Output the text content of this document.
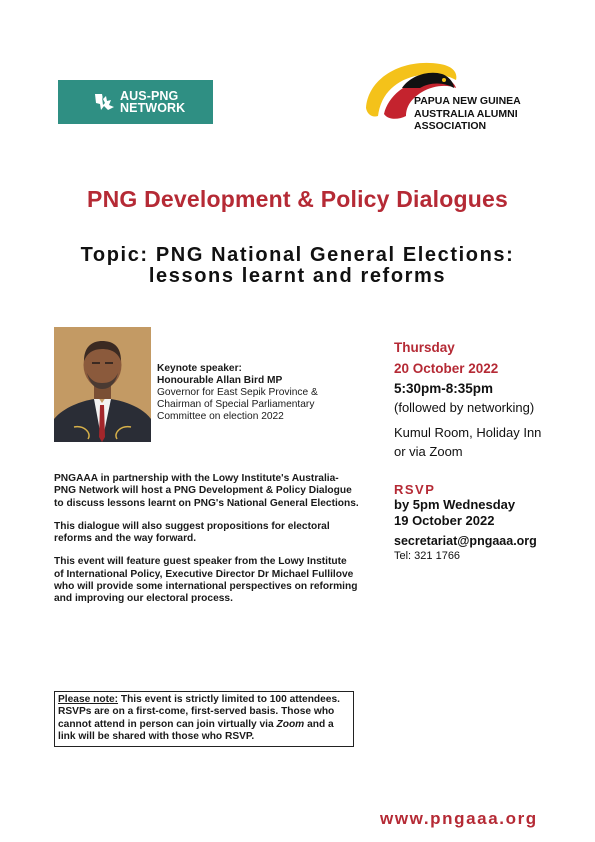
AUS-PNG
NETWORK	PAPUA NEW GUINEA
AUSTRALIA ALUMNI
ASSOCIATION
PNG Development & Policy Dialogues
Topic: PNG National General Elections:
lessons learnt and reforms
Keynote speaker:
Honourable Allan Bird MP
Governor for East Sepik Province &
Chairman of Special Parliamentary
Committee on election 2022

PNGAAA in partnership with the Lowy Institute's Australia-PNG Network will host a PNG Development & Policy Dialogue to discuss lessons learnt on PNG's National General Elections.

This dialogue will also suggest propositions for electoral reforms and the way forward.

This event will feature guest speaker from the Lowy Institute of International Policy, Executive Director Dr Michael Fullilove who will provide some international perspectives on reforming and improving our electoral process.

Please note: This event is strictly limited to 100 attendees. RSVPs are on a first-come, first-served basis. Those who cannot attend in person can join virtually via Zoom and a link will be shared with those who RSVP.
Thursday
20 October 2022
5:30pm-8:35pm
(followed by networking)
Kumul Room, Holiday Inn
or via Zoom
RSVP
by 5pm Wednesday
19 October 2022
secretariat@pngaaa.org
Tel: 321 1766
www.pngaaa.org
